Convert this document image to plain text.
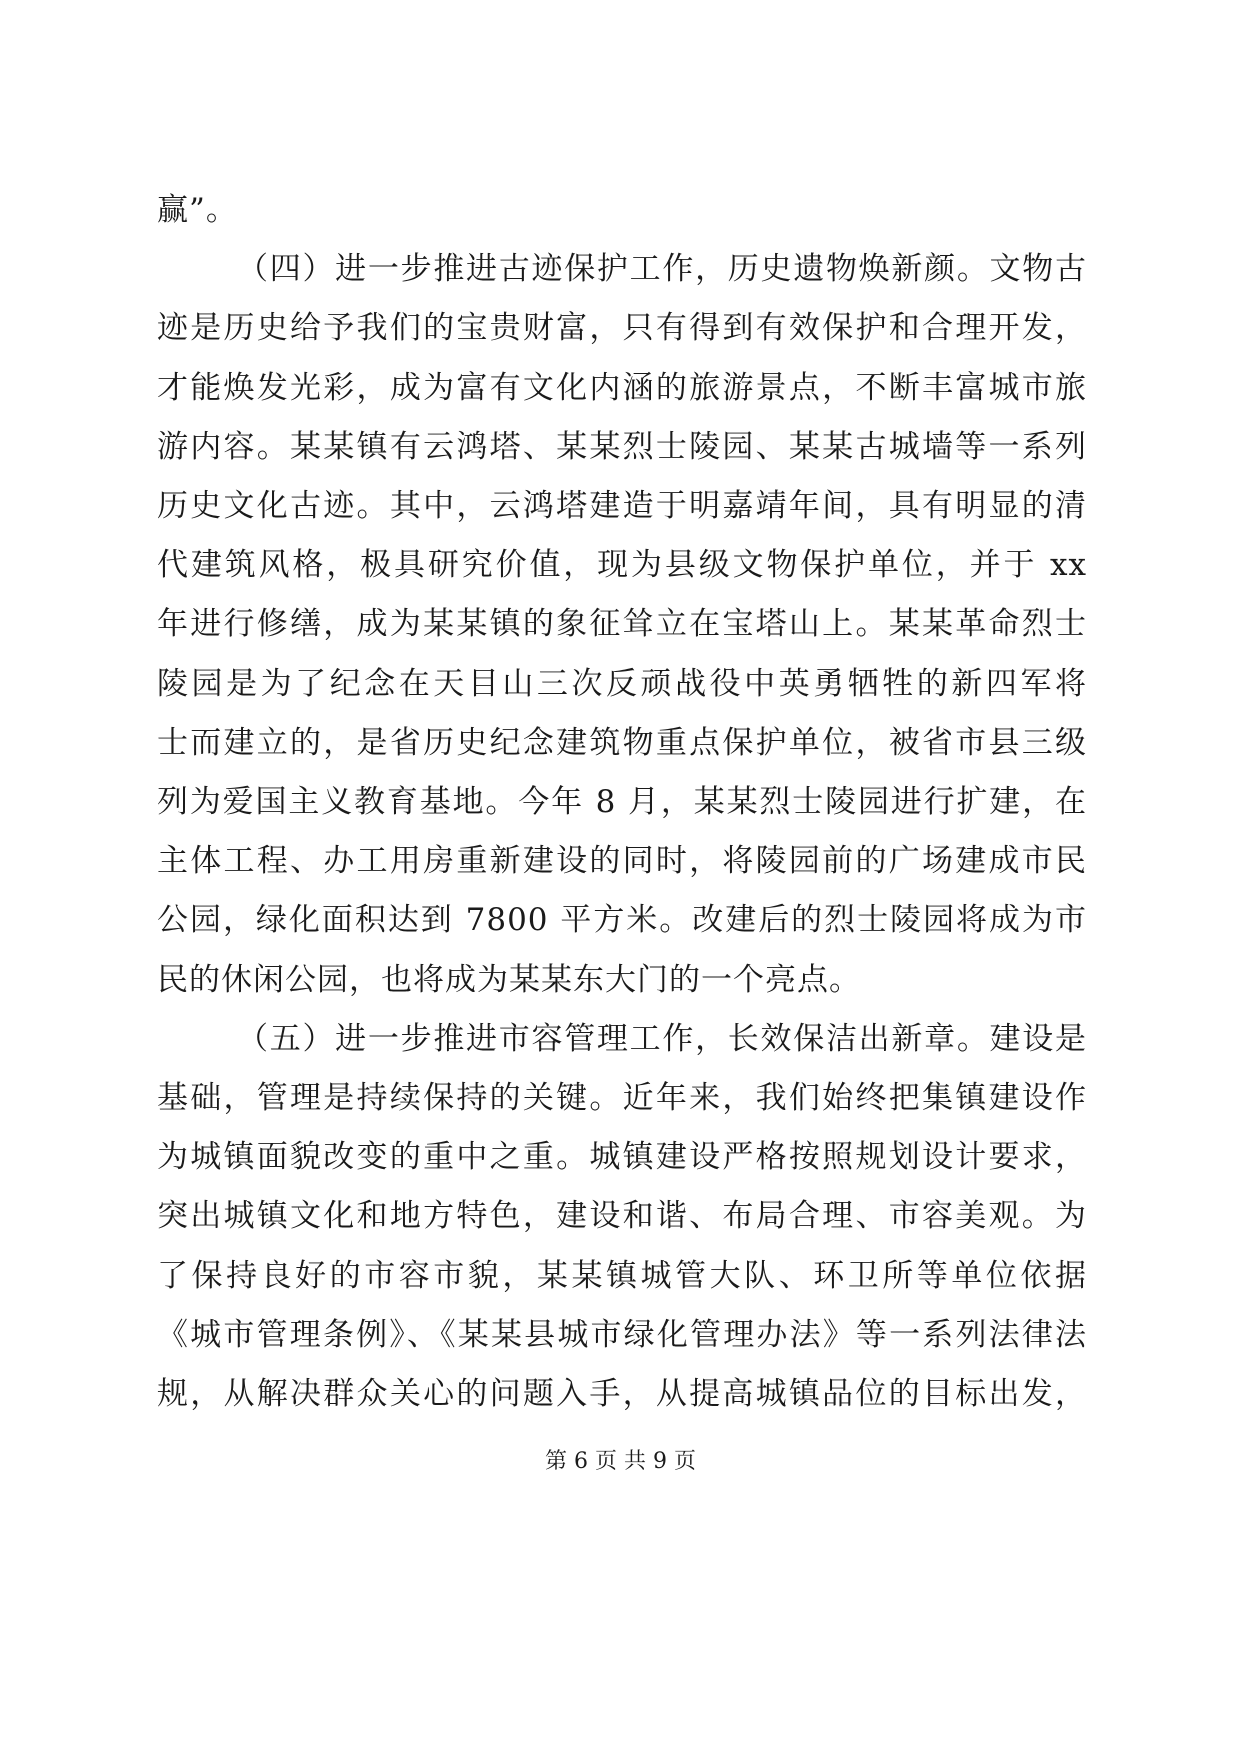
赢”。
（四）进一步推进古迹保护工作，历史遗物焕新颜。文物古
迹是历史给予我们的宝贵财富，只有得到有效保护和合理开发，
才能焕发光彩，成为富有文化内涵的旅游景点，不断丰富城市旅
游内容。某某镇有云鸿塔、某某烈士陵园、某某古城墙等一系列
历史文化古迹。其中，云鸿塔建造于明嘉靖年间，具有明显的清
代建筑风格，极具研究价值，现为县级文物保护单位，并于 xx
年进行修缮，成为某某镇的象征耸立在宝塔山上。某某革命烈士
陵园是为了纪念在天目山三次反顽战役中英勇牺牲的新四军将
士而建立的，是省历史纪念建筑物重点保护单位，被省市县三级
列为爱国主义教育基地。今年 8 月，某某烈士陵园进行扩建，在
主体工程、办工用房重新建设的同时，将陵园前的广场建成市民
公园，绿化面积达到 7800 平方米。改建后的烈士陵园将成为市
民的休闲公园，也将成为某某东大门的一个亮点。
（五）进一步推进市容管理工作，长效保洁出新章。建设是
基础，管理是持续保持的关键。近年来，我们始终把集镇建设作
为城镇面貌改变的重中之重。城镇建设严格按照规划设计要求，
突出城镇文化和地方特色，建设和谐、布局合理、市容美观。为
了保持良好的市容市貌，某某镇城管大队、环卫所等单位依据
《城市管理条例》、《某某县城市绿化管理办法》等一系列法律法
规，从解决群众关心的问题入手，从提高城镇品位的目标出发，
第 6 页 共 9 页
